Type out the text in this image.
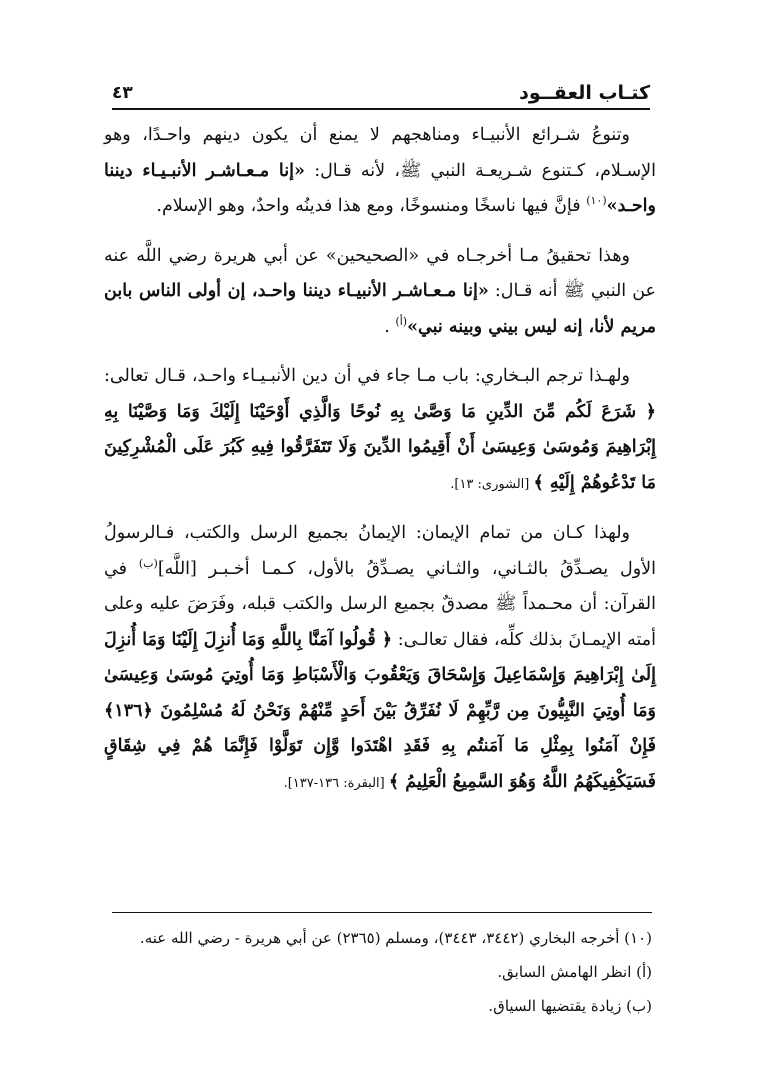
كتـاب العقــود
٤٣

وتنوعُ شـرائع الأنبيـاء ومناهجهم لا يمنع أن يكون دينهم واحـدًا، وهو الإسـلام، كـتنوع شـريعـة النبي ﷺ، لأنه قـال: «إنا مـعـاشـر الأنبـيـاء ديننا واحـد»$^{(١٠)}$ فإنَّ فيها ناسخًا ومنسوخًا، ومع هذا فدينُه واحدٌ، وهو الإسلام.

وهذا تحقيقُ مـا أخرجـاه في «الصحيحين» عن أبي هريرة رضي اللَّه عنه عن النبي ﷺ أنه قـال: «إنا مـعـاشـر الأنبيـاء ديننا واحـد، إن أولى الناس بابن مريم لأنا، إنه ليس بيني وبينه نبي»$^{(أ)}$ .

ولهـذا ترجم البـخاري: باب مـا جاء في أن دين الأنبـيـاء واحـد، قـال تعالى: ﴿ شَرَعَ لَكُم مِّنَ الدِّينِ مَا وَصَّىٰ بِهِ نُوحًا وَالَّذِي أَوْحَيْنَا إِلَيْكَ وَمَا وَصَّيْنَا بِهِ إِبْرَاهِيمَ وَمُوسَىٰ وَعِيسَىٰ أَنْ أَقِيمُوا الدِّينَ وَلَا تَتَفَرَّقُوا فِيهِ كَبُرَ عَلَى الْمُشْرِكِينَ مَا تَدْعُوهُمْ إِلَيْهِ ﴾ [الشورى: ١٣].

ولهذا كـان من تمام الإيمان: الإيمانُ بجميع الرسل والكتب، فـالرسولُ الأول يصـدِّقُ بالثـاني، والثـاني يصـدِّقُ بالأول، كـمـا أخـبـر [اللَّه]$^{(ب)}$ في القرآن: أن محـمداً ﷺ مصدقٌ بجميع الرسل والكتب قبله، وفَرَضَ عليه وعلى أمته الإيمـانَ بذلك كلِّه، فقال تعالـى: ﴿ قُولُوا آمَنَّا بِاللَّهِ وَمَا أُنزِلَ إِلَيْنَا وَمَا أُنزِلَ إِلَىٰ إِبْرَاهِيمَ وَإِسْمَاعِيلَ وَإِسْحَاقَ وَيَعْقُوبَ وَالْأَسْبَاطِ وَمَا أُوتِيَ مُوسَىٰ وَعِيسَىٰ وَمَا أُوتِيَ النَّبِيُّونَ مِن رَّبِّهِمْ لَا نُفَرِّقُ بَيْنَ أَحَدٍ مِّنْهُمْ وَنَحْنُ لَهُ مُسْلِمُونَ ﴿١٣٦﴾ فَإِنْ آمَنُوا بِمِثْلِ مَا آمَنتُم بِهِ فَقَدِ اهْتَدَوا وَّإِن تَوَلَّوْا فَإِنَّمَا هُمْ فِي شِقَاقٍ فَسَيَكْفِيكَهُمُ اللَّهُ وَهُوَ السَّمِيعُ الْعَلِيمُ ﴾ [البقرة: ١٣٦-١٣٧].

(١٠) أخرجه البخاري (٣٤٤٢، ٣٤٤٣)، ومسلم (٢٣٦٥) عن أبي هريرة - رضي الله عنه.

(أ) انظر الهامش السابق.

(ب) زيادة يقتضيها السياق.
